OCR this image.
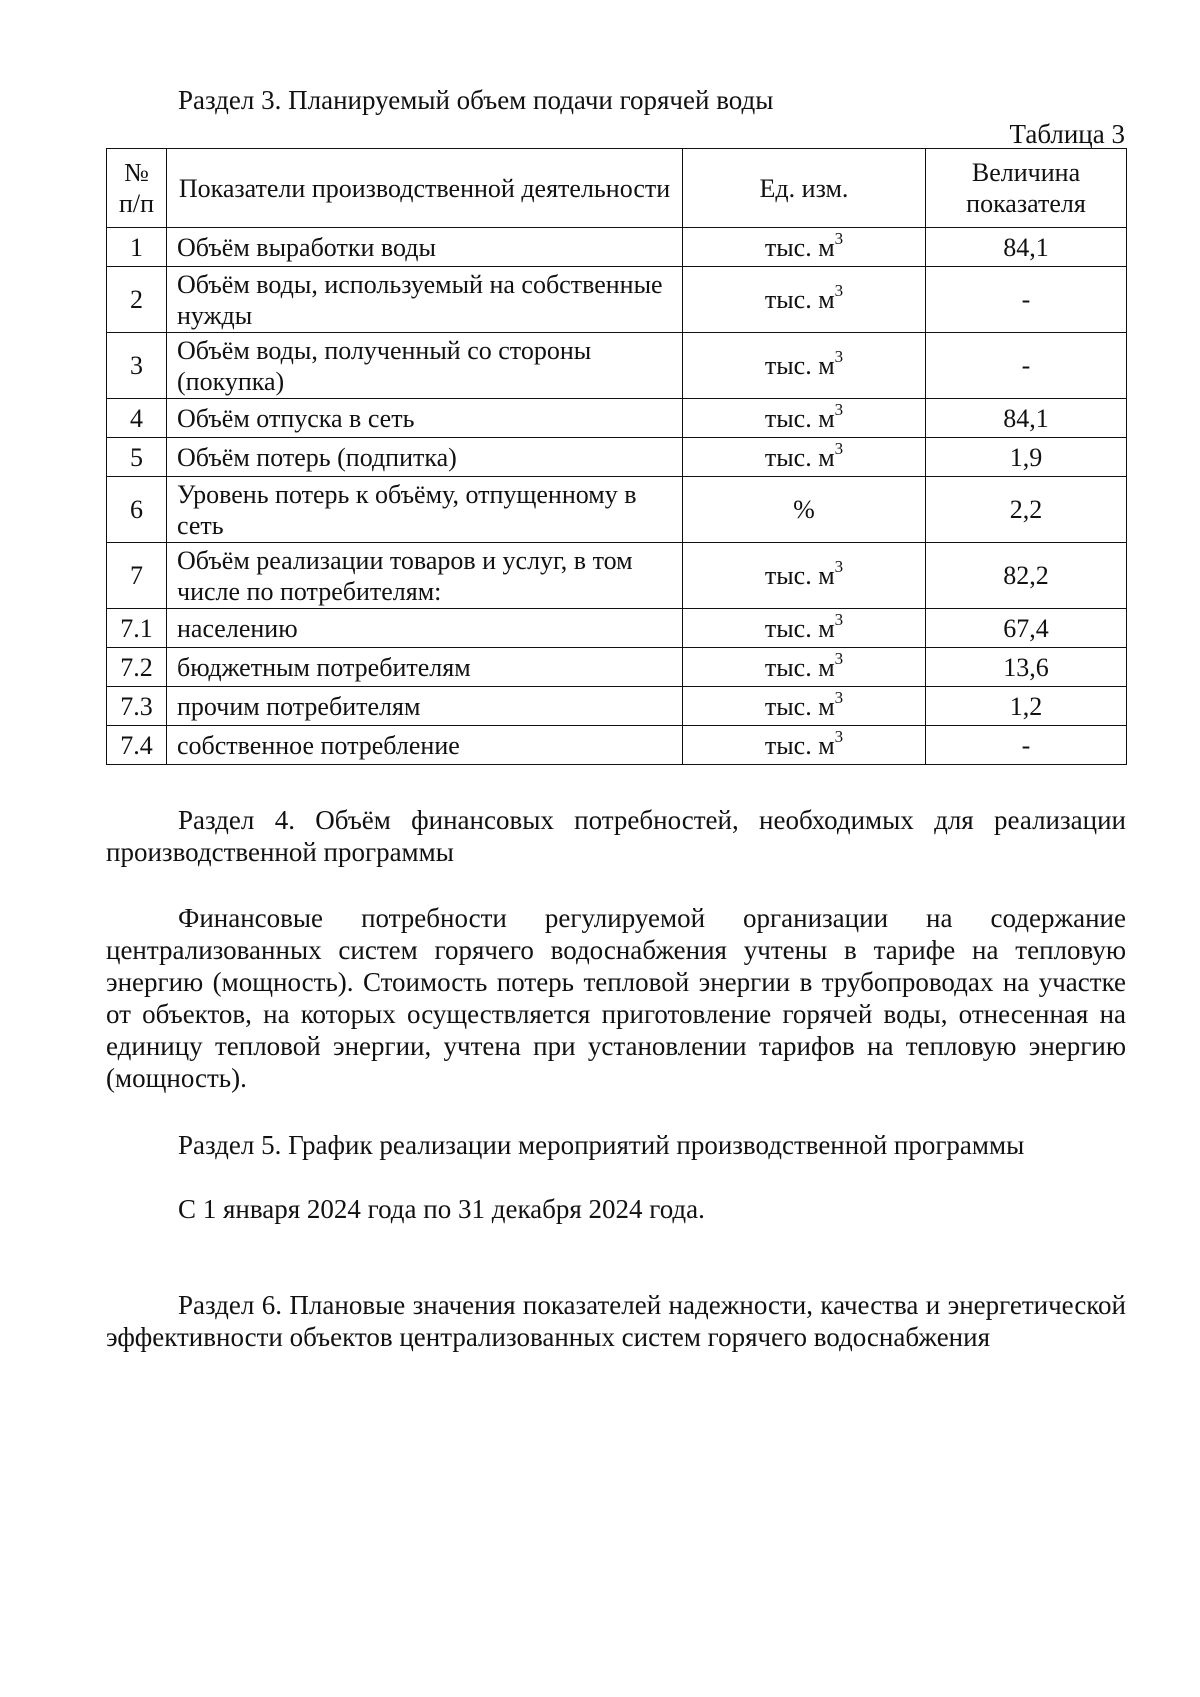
Раздел 3. Планируемый объем подачи горячей воды

Таблица 3

№ п/п	Показатели производственной деятельности	Ед. изм.	Величина показателя
1	Объём выработки воды	тыс. $м^3$	84,1
2	Объём воды, используемый на собственные нужды	тыс. $м^3$	-
3	Объём воды, полученный со стороны (покупка)	тыс. $м^3$	-
4	Объём отпуска в сеть	тыс. $м^3$	84,1
5	Объём потерь (подпитка)	тыс. $м^3$	1,9
6	Уровень потерь к объёму, отпущенному в сеть	%	2,2
7	Объём реализации товаров и услуг, в том числе по потребителям:	тыс. $м^3$	82,2
7.1	населению	тыс. $м^3$	67,4
7.2	бюджетным потребителям	тыс. $м^3$	13,6
7.3	прочим потребителям	тыс. $м^3$	1,2
7.4	собственное потребление	тыс. $м^3$	-

Раздел 4. Объём финансовых потребностей, необходимых для реализации производственной программы

Финансовые потребности регулируемой организации на содержание централизованных систем горячего водоснабжения учтены в тарифе на тепловую энергию (мощность). Стоимость потерь тепловой энергии в трубопроводах на участке от объектов, на которых осуществляется приготовление горячей воды, отнесенная на единицу тепловой энергии, учтена при установлении тарифов на тепловую энергию (мощность).

Раздел 5. График реализации мероприятий производственной программы

С 1 января 2024 года по 31 декабря 2024 года.

Раздел 6. Плановые значения показателей надежности, качества и энергетической эффективности объектов централизованных систем горячего водоснабжения
